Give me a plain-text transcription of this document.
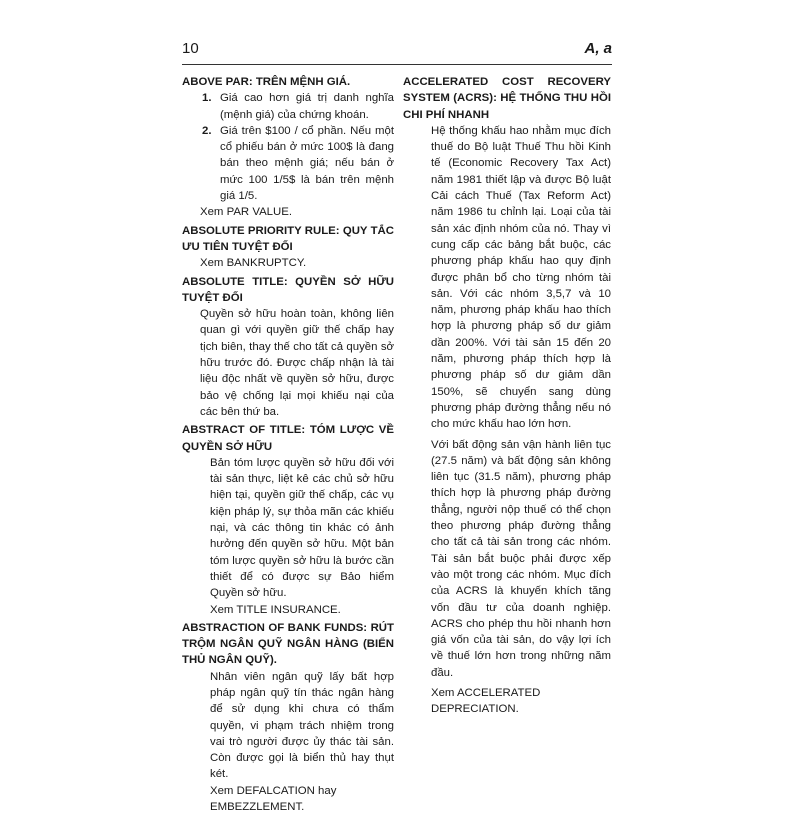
10	A, a
ABOVE PAR: TRÊN MỆNH GIÁ.
1. Giá cao hơn giá trị danh nghĩa (mệnh giá) của chứng khoán.
2. Giá trên $100 / cổ phần. Nếu một cổ phiếu bán ở mức 100$ là đang bán theo mệnh giá; nếu bán ở mức 100 1/5$ là bán trên mệnh giá 1/5.
Xem PAR VALUE.
ABSOLUTE PRIORITY RULE: QUY TẮC ƯU TIÊN TUYỆT ĐỐI
Xem BANKRUPTCY.
ABSOLUTE TITLE: QUYỀN SỞ HỮU TUYỆT ĐỐI
Quyền sở hữu hoàn toàn, không liên quan gì với quyền giữ thế chấp hay tịch biên, thay thế cho tất cả quyền sở hữu trước đó. Được chấp nhận là tài liệu độc nhất về quyền sở hữu, được bảo vệ chống lại mọi khiếu nại của các bên thứ ba.
ABSTRACT OF TITLE: TÓM LƯỢC VỀ QUYỀN SỞ HỮU
Bản tóm lược quyền sở hữu đối với tài sản thực, liệt kê các chủ sở hữu hiện tại, quyền giữ thế chấp, các vụ kiện pháp lý, sự thỏa mãn các khiếu nại, và các thông tin khác có ảnh hưởng đến quyền sở hữu. Một bản tóm lược quyền sở hữu là bước cần thiết để có được sự Bảo hiểm Quyền sở hữu.
Xem TITLE INSURANCE.
ABSTRACTION OF BANK FUNDS: RÚT TRỘM NGÂN QUỸ NGÂN HÀNG (BIỂN THỦ NGÂN QUỸ).
Nhân viên ngân quỹ lấy bất hợp pháp ngân quỹ tín thác ngân hàng để sử dụng khi chưa có thẩm quyền, vi phạm trách nhiệm trong vai trò người được ủy thác tài sản. Còn được gọi là biển thủ hay thụt két.
Xem DEFALCATION hay EMBEZZLEMENT.
ACCELERATED COST RECOVERY SYSTEM (ACRS): HỆ THỐNG THU HỒI CHI PHÍ NHANH
Hệ thống khấu hao nhằm mục đích thuế do Bộ luật Thuế Thu hồi Kinh tế (Economic Recovery Tax Act) năm 1981 thiết lập và được Bộ luật Cải cách Thuế (Tax Reform Act) năm 1986 tu chỉnh lại. Loại của tài sản xác định nhóm của nó. Thay vì cung cấp các bảng bắt buộc, các phương pháp khấu hao quy định được phân bổ cho từng nhóm tài sản. Với các nhóm 3,5,7 và 10 năm, phương pháp khấu hao thích hợp là phương pháp số dư giảm dần 200%. Với tài sản 15 đến 20 năm, phương pháp thích hợp là phương pháp số dư giảm dần 150%, sẽ chuyển sang dùng phương pháp đường thẳng nếu nó cho mức khấu hao lớn hơn.
Với bất động sản vận hành liên tục (27.5 năm) và bất động sản không liên tục (31.5 năm), phương pháp thích hợp là phương pháp đường thẳng, người nộp thuế có thể chọn theo phương pháp đường thẳng cho tất cả tài sản trong các nhóm. Tài sản bắt buộc phải được xếp vào một trong các nhóm. Mục đích của ACRS là khuyến khích tăng vốn đầu tư của doanh nghiệp. ACRS cho phép thu hồi nhanh hơn giá vốn của tài sản, do vậy lợi ích về thuế lớn hơn trong những năm đầu.
Xem ACCELERATED DEPRECIATION.
